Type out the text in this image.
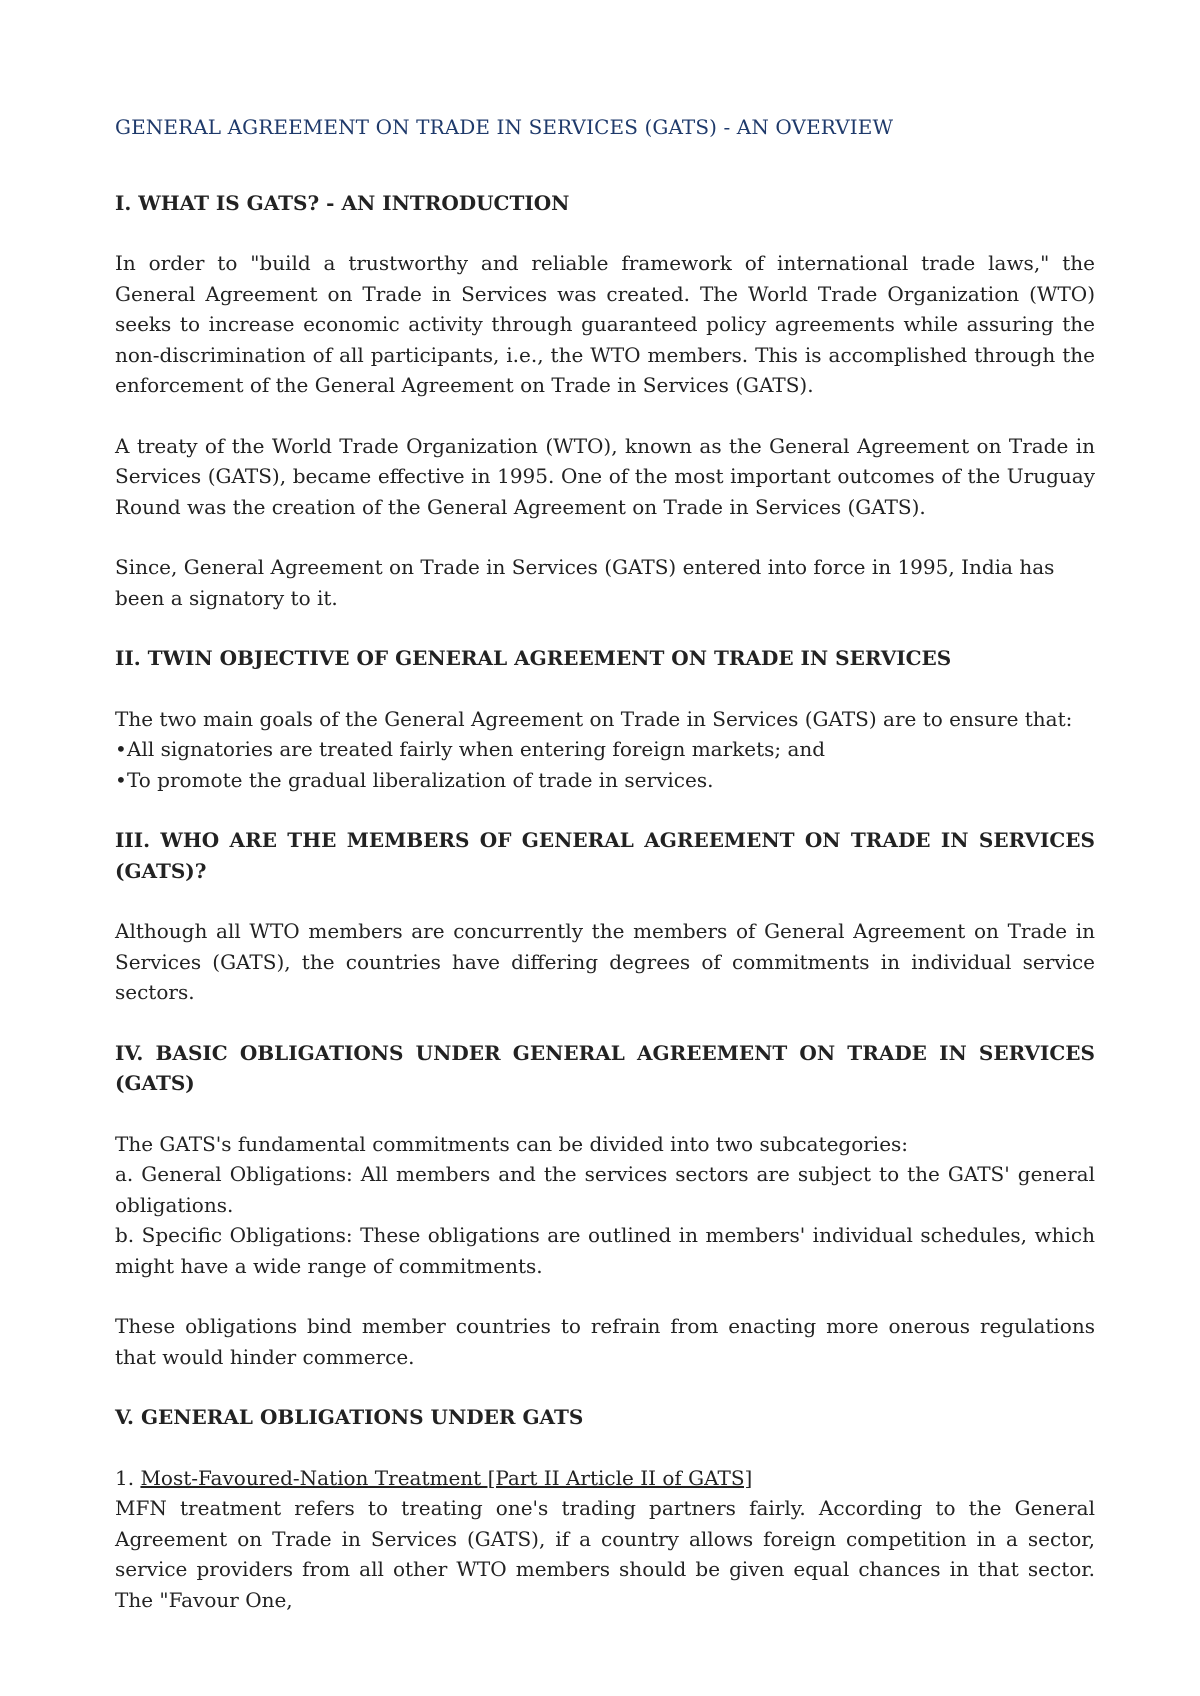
GENERAL AGREEMENT ON TRADE IN SERVICES (GATS) - AN OVERVIEW
I. WHAT IS GATS? - AN INTRODUCTION

In order to "build a trustworthy and reliable framework of international trade laws," the General Agreement on Trade in Services was created. The World Trade Organization (WTO) seeks to increase economic activity through guaranteed policy agreements while assuring the non-discrimination of all participants, i.e., the WTO members. This is accomplished through the enforcement of the General Agreement on Trade in Services (GATS).

A treaty of the World Trade Organization (WTO), known as the General Agreement on Trade in Services (GATS), became effective in 1995. One of the most important outcomes of the Uruguay Round was the creation of the General Agreement on Trade in Services (GATS).

Since, General Agreement on Trade in Services (GATS) entered into force in 1995, India has been a signatory to it.

II. TWIN OBJECTIVE OF GENERAL AGREEMENT ON TRADE IN SERVICES

The two main goals of the General Agreement on Trade in Services (GATS) are to ensure that:

•All signatories are treated fairly when entering foreign markets; and
•To promote the gradual liberalization of trade in services.
III. WHO ARE THE MEMBERS OF GENERAL AGREEMENT ON TRADE IN SERVICES (GATS)?

Although all WTO members are concurrently the members of General Agreement on Trade in Services (GATS), the countries have differing degrees of commitments in individual service sectors.

IV. BASIC OBLIGATIONS UNDER GENERAL AGREEMENT ON TRADE IN SERVICES (GATS)

The GATS's fundamental commitments can be divided into two subcategories:

a. General Obligations: All members and the services sectors are subject to the GATS' general obligations.
b. Specific Obligations: These obligations are outlined in members' individual schedules, which might have a wide range of commitments.

These obligations bind member countries to refrain from enacting more onerous regulations that would hinder commerce.

V. GENERAL OBLIGATIONS UNDER GATS
1. Most-Favoured-Nation Treatment [Part II Article II of GATS]

MFN treatment refers to treating one's trading partners fairly. According to the General Agreement on Trade in Services (GATS), if a country allows foreign competition in a sector, service providers from all other WTO members should be given equal chances in that sector. The "Favour One,
